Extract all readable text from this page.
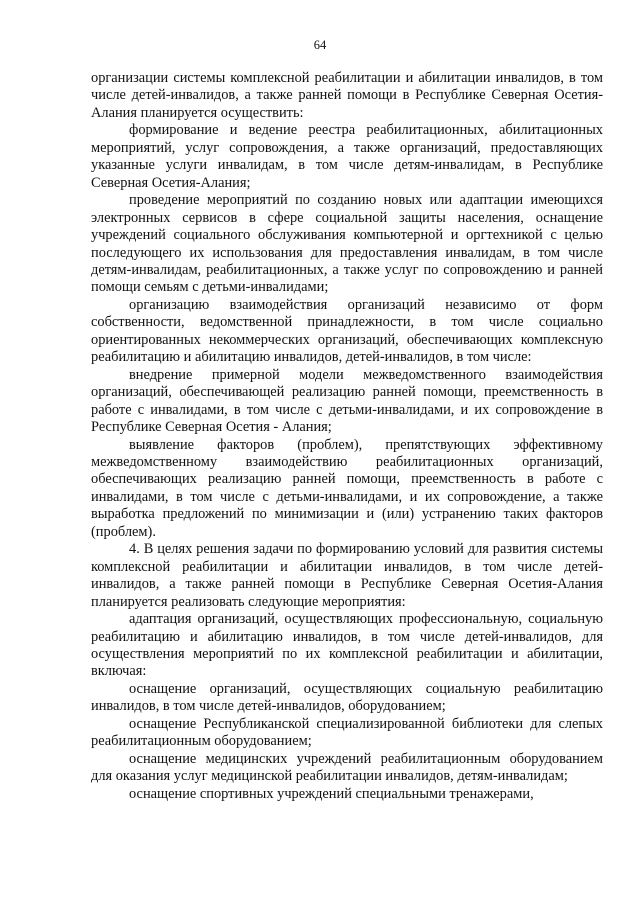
64

организации системы комплексной реабилитации и абилитации инвалидов, в том числе детей-инвалидов, а также ранней помощи в Республике Северная Осетия-Алания планируется осуществить:

формирование и ведение реестра реабилитационных, абилитационных мероприятий, услуг сопровождения, а также организаций, предоставляющих указанные услуги инвалидам, в том числе детям-инвалидам, в Республике Северная Осетия-Алания;

проведение мероприятий по созданию новых или адаптации имеющихся электронных сервисов в сфере социальной защиты населения, оснащение учреждений социального обслуживания компьютерной и оргтехникой с целью последующего их использования для предоставления инвалидам, в том числе детям-инвалидам, реабилитационных, а также услуг по сопровождению и ранней помощи семьям с детьми-инвалидами;

организацию взаимодействия организаций независимо от форм собственности, ведомственной принадлежности, в том числе социально ориентированных некоммерческих организаций, обеспечивающих комплексную реабилитацию и абилитацию инвалидов, детей-инвалидов, в том числе:

внедрение примерной модели межведомственного взаимодействия организаций, обеспечивающей реализацию ранней помощи, преемственность в работе с инвалидами, в том числе с детьми-инвалидами, и их сопровождение в Республике Северная Осетия - Алания;

выявление факторов (проблем), препятствующих эффективному межведомственному взаимодействию реабилитационных организаций, обеспечивающих реализацию ранней помощи, преемственность в работе с инвалидами, в том числе с детьми-инвалидами, и их сопровождение, а также выработка предложений по минимизации и (или) устранению таких факторов (проблем).

4. В целях решения задачи по формированию условий для развития системы комплексной реабилитации и абилитации инвалидов, в том числе детей-инвалидов, а также ранней помощи в Республике Северная Осетия-Алания планируется реализовать следующие мероприятия:

адаптация организаций, осуществляющих профессиональную, социальную реабилитацию и абилитацию инвалидов, в том числе детей-инвалидов, для осуществления мероприятий по их комплексной реабилитации и абилитации, включая:

оснащение организаций, осуществляющих социальную реабилитацию инвалидов, в том числе детей-инвалидов, оборудованием;

оснащение Республиканской специализированной библиотеки для слепых реабилитационным оборудованием;

оснащение медицинских учреждений реабилитационным оборудованием для оказания услуг медицинской реабилитации инвалидов, детям-инвалидам;

оснащение спортивных учреждений специальными тренажерами,
